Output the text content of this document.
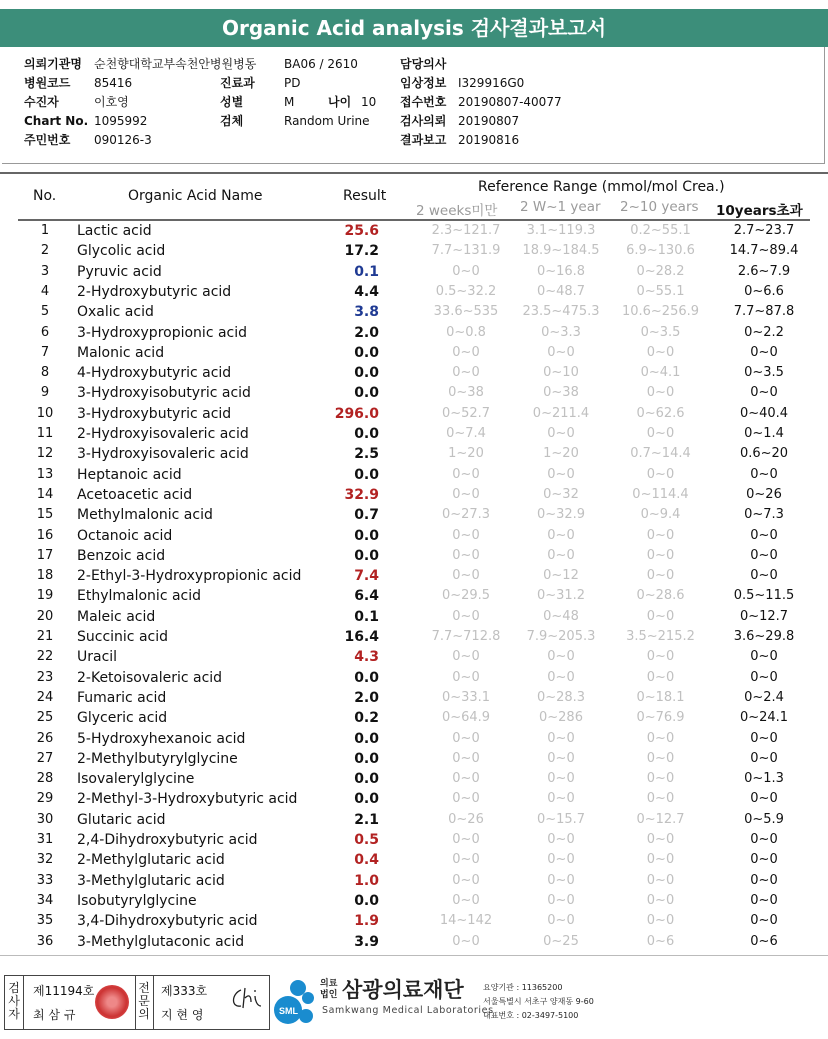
Organic Acid analysis 검사결과보고서
의뢰기관명 순천향대학교부속천안병원병동
병원코드 85416
수진자	이호영
Chart No. 1095992
주민번호 090126-3
BA06 / 2610
진료과 PD
성별	M
검체	Random Urine
나이 10
담당의사
임상정보 I329916G0
접수번호 20190807-40077
검사의뢰 20190807
결과보고 20190816
No.	Organic Acid Name	Result
Reference Range (mmol/mol Crea.)
2 weeks미만 2 W~1 year 2~10 years 10years초과
1	Lactic acid	25.6	2.3~121.7	3.1~119.3	0.2~55.1	2.7~23.7
2	Glycolic acid	17.2	7.7~131.9	18.9~184.5	6.9~130.6	14.7~89.4
3	Pyruvic acid	0.1	0~0	0~16.8	0~28.2	2.6~7.9
4	2-Hydroxybutyric acid	4.4	0.5~32.2	0~48.7	0~55.1	0~6.6
5	Oxalic acid	3.8	33.6~535	23.5~475.3	10.6~256.9	7.7~87.8
6	3-Hydroxypropionic acid	2.0	0~0.8	0~3.3	0~3.5	0~2.2
7	Malonic acid	0.0	0~0	0~0	0~0	0~0
8	4-Hydroxybutyric acid	0.0	0~0	0~10	0~4.1	0~3.5
9	3-Hydroxyisobutyric acid	0.0	0~38	0~38	0~0	0~0
10 3-Hydroxybutyric acid	296.0	0~52.7	0~211.4	0~62.6	0~40.4
11 2-Hydroxyisovaleric acid	0.0	0~7.4	0~0	0~0	0~1.4
12 3-Hydroxyisovaleric acid	2.5	1~20	1~20	0.7~14.4	0.6~20
13 Heptanoic acid	0.0	0~0	0~0	0~0	0~0
14 Acetoacetic acid	32.9	0~0	0~32	0~114.4	0~26
15 Methylmalonic acid	0.7	0~27.3	0~32.9	0~9.4	0~7.3
16 Octanoic acid	0.0	0~0	0~0	0~0	0~0
17 Benzoic acid	0.0	0~0	0~0	0~0	0~0
18 2-Ethyl-3-Hydroxypropionic acid	7.4	0~0	0~12	0~0	0~0
19 Ethylmalonic acid	6.4	0~29.5	0~31.2	0~28.6	0.5~11.5
20 Maleic acid	0.1	0~0	0~48	0~0	0~12.7
21 Succinic acid	16.4	7.7~712.8	7.9~205.3	3.5~215.2	3.6~29.8
22 Uracil	4.3	0~0	0~0	0~0	0~0
23 2-Ketoisovaleric acid	0.0	0~0	0~0	0~0	0~0
24 Fumaric acid	2.0	0~33.1	0~28.3	0~18.1	0~2.4
25 Glyceric acid	0.2	0~64.9	0~286	0~76.9	0~24.1
26 5-Hydroxyhexanoic acid	0.0	0~0	0~0	0~0	0~0
27 2-Methylbutyrylglycine	0.0	0~0	0~0	0~0	0~0
28 Isovalerylglycine	0.0	0~0	0~0	0~0	0~1.3
29 2-Methyl-3-Hydroxybutyric acid	0.0	0~0	0~0	0~0	0~0
30 Glutaric acid	2.1	0~26	0~15.7	0~12.7	0~5.9
31 2,4-Dihydroxybutyric acid	0.5	0~0	0~0	0~0	0~0
32 2-Methylglutaric acid	0.4	0~0	0~0	0~0	0~0
33 3-Methylglutaric acid	1.0	0~0	0~0	0~0	0~0
34 Isobutyrylglycine	0.0	0~0	0~0	0~0	0~0
35 3,4-Dihydroxybutyric acid	1.9	14~142	0~0	0~0	0~0
36 3-Methylglutaconic acid	3.9	0~0	0~25	0~6	0~6
검
사
자
제11194호
최 삼 규
전
문
의
제333호
지 현 영	SML
의료
법인 삼광의료재단
Samkwang Medical Laboratories
요양기관 : 11365200
서울특별시 서초구 양재동 9-60
대표번호 : 02-3497-5100
